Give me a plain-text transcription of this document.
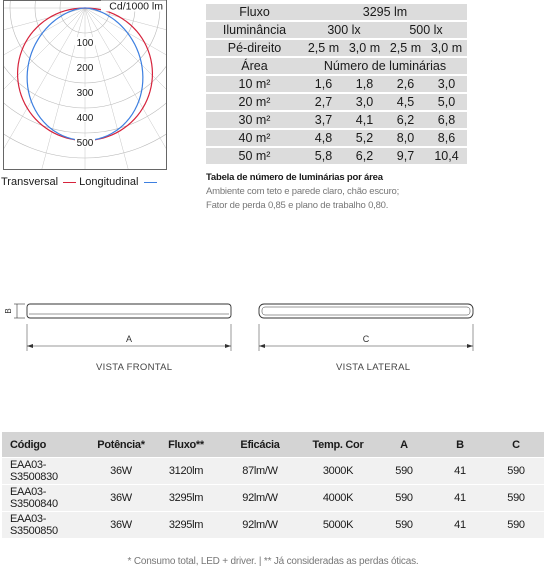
Cd/1000 lm
100
200
300
400
500
Transversal Longitudinal
Fluxo	3295 lm			
Iluminância	300 lx		500 lx	
Pé-direito	2,5 m	3,0 m	2,5 m	3,0 m
Área	Número de luminárias			
10 m²	1,6	1,8	2,6	3,0
20 m²	2,7	3,0	4,5	5,0
30 m²	3,7	4,1	6,2	6,8
40 m²	4,8	5,2	8,0	8,6
50 m²	5,8	6,2	9,7	10,4
Tabela de número de luminárias por área
Ambiente com teto e parede claro, chão escuro;
Fator de perda 0,85 e plano de trabalho 0,80.
B
A	C
VISTA FRONTAL	VISTA LATERAL
Código	Potência*	Fluxo**	Eficácia	Temp. Cor	A	B	C
EAA03-S3500830	36W	3120lm	87lm/W	3000K	590	41	590
EAA03-S3500840	36W	3295lm	92lm/W	4000K	590	41	590
EAA03-S3500850	36W	3295lm	92lm/W	5000K	590	41	590
* Consumo total, LED + driver. | ** Já consideradas as perdas óticas.
